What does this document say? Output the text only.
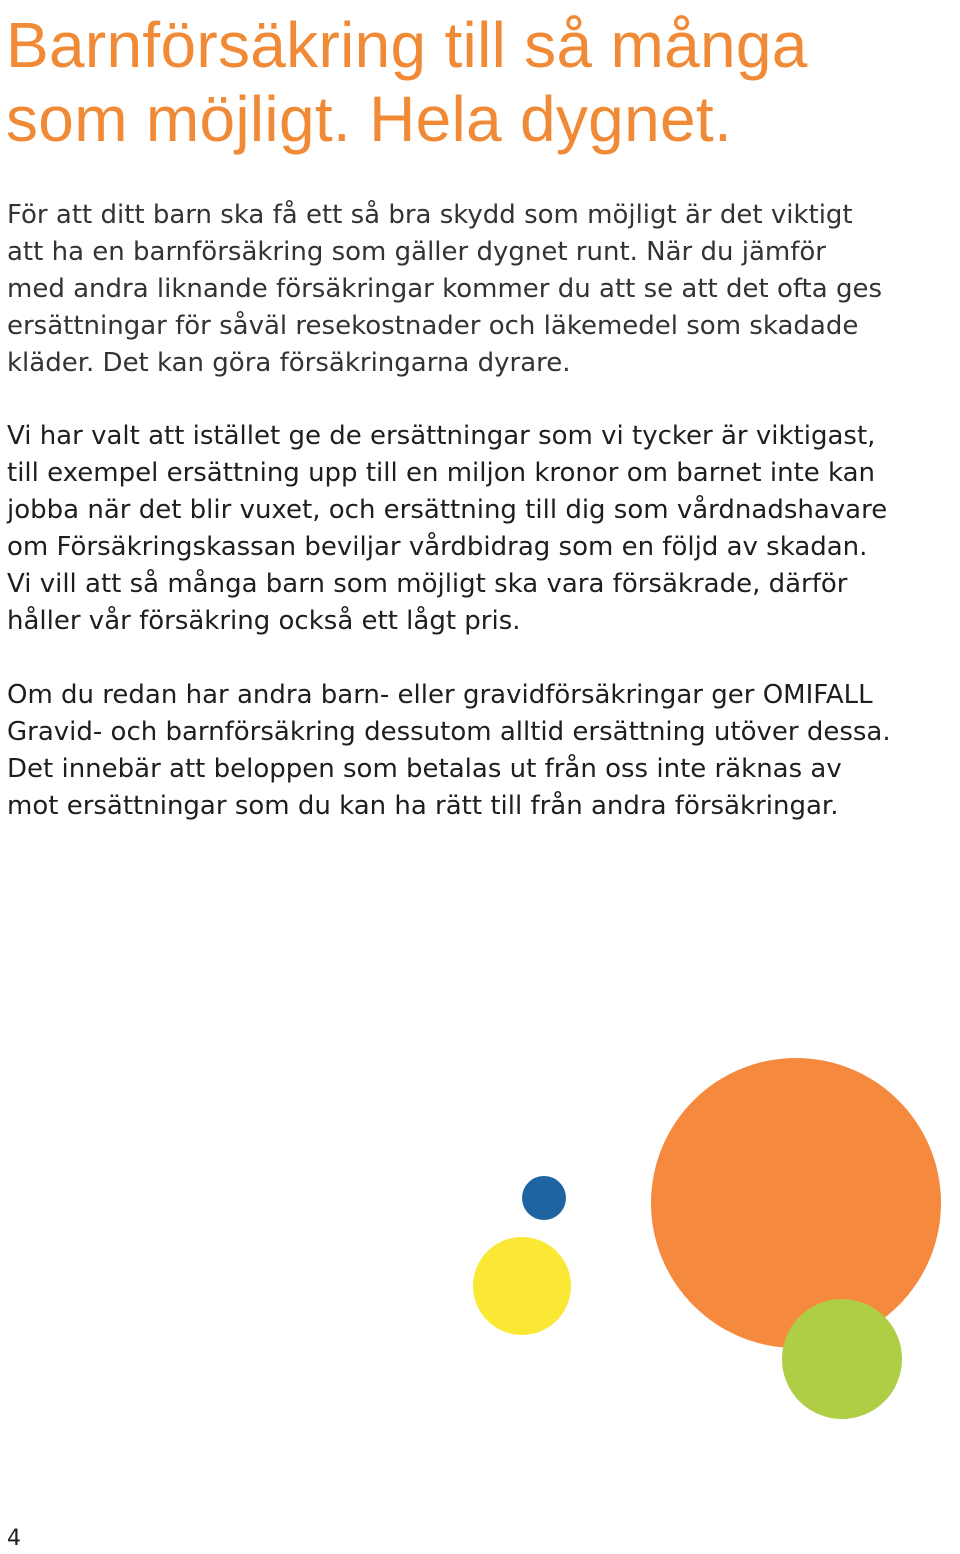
Barnförsäkring till så många
som möjligt. Hela dygnet.

För att ditt barn ska få ett så bra skydd som möjligt är det viktigt
att ha en barnförsäkring som gäller dygnet runt. När du jämför
med andra liknande försäkringar kommer du att se att det ofta ges
ersättningar för såväl resekostnader och läkemedel som skadade
kläder. Det kan göra försäkringarna dyrare.

Vi har valt att istället ge de ersättningar som vi tycker är viktigast,
till exempel ersättning upp till en miljon kronor om barnet inte kan
jobba när det blir vuxet, och ersättning till dig som vårdnadshavare
om Försäkringskassan beviljar vårdbidrag som en följd av skadan.
Vi vill att så många barn som möjligt ska vara försäkrade, därför
håller vår försäkring också ett lågt pris.

Om du redan har andra barn- eller gravidförsäkringar ger OMIFALL
Gravid- och barnförsäkring dessutom alltid ersättning utöver dessa.
Det innebär att beloppen som betalas ut från oss inte räknas av
mot ersättningar som du kan ha rätt till från andra försäkringar.

4
